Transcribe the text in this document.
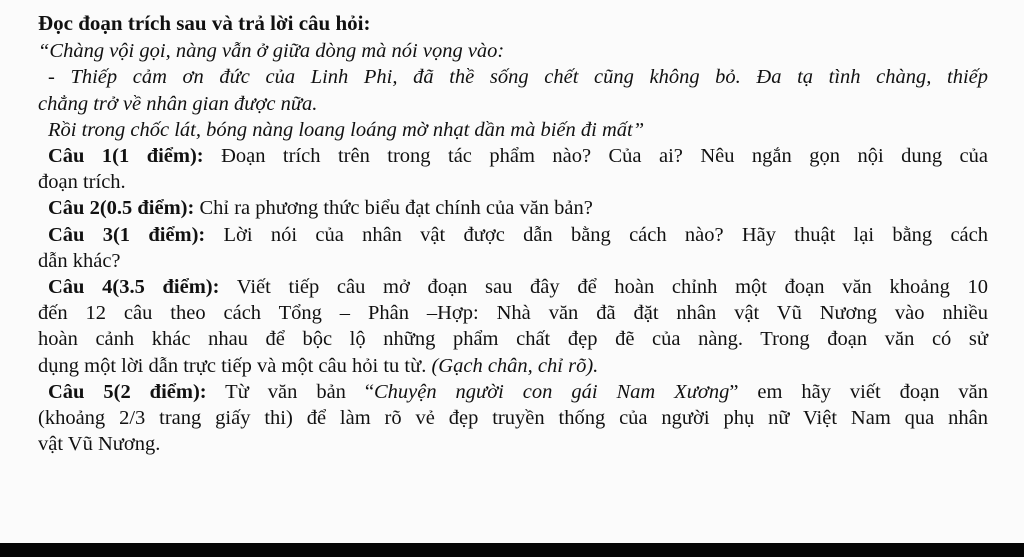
Đọc đoạn trích sau và trả lời câu hỏi:
“Chàng vội gọi, nàng vẫn ở giữa dòng mà nói vọng vào:
- Thiếp cảm ơn đức của Linh Phi, đã thề sống chết cũng không bỏ. Đa tạ tình chàng, thiếp
chẳng trở về nhân gian được nữa.
Rồi trong chốc lát, bóng nàng loang loáng mờ nhạt dần mà biến đi mất”
Câu 1(1 điểm): Đoạn trích trên trong tác phẩm nào? Của ai? Nêu ngắn gọn nội dung của
đoạn trích.
Câu 2(0.5 điểm): Chỉ ra phương thức biểu đạt chính của văn bản?
Câu 3(1 điểm): Lời nói của nhân vật được dẫn bằng cách nào? Hãy thuật lại bằng cách
dẫn khác?
Câu 4(3.5 điểm): Viết tiếp câu mở đoạn sau đây để hoàn chỉnh một đoạn văn khoảng 10
đến 12 câu theo cách Tổng – Phân –Hợp: Nhà văn đã đặt nhân vật Vũ Nương vào nhiều
hoàn cảnh khác nhau để bộc lộ những phẩm chất đẹp đẽ của nàng. Trong đoạn văn có sử
dụng một lời dẫn trực tiếp và một câu hỏi tu từ. (Gạch chân, chỉ rõ).
Câu 5(2 điểm): Từ văn bản “Chuyện người con gái Nam Xương” em hãy viết đoạn văn
(khoảng 2/3 trang giấy thi) để làm rõ vẻ đẹp truyền thống của người phụ nữ Việt Nam qua nhân
vật Vũ Nương.
